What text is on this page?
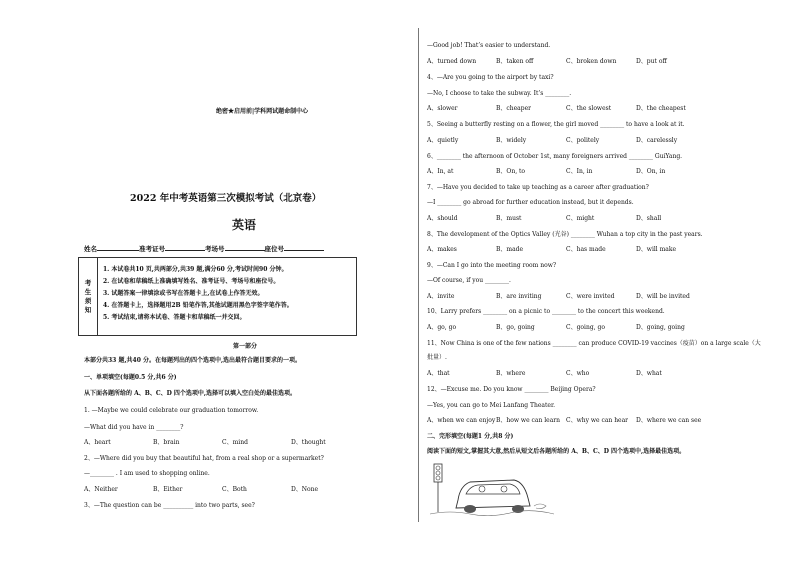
绝密★启用前|学科网试题命制中心
2022 年中考英语第三次模拟考试（北京卷）
英语
姓名	准考证号	考场号	座位号
考
生
须
知
1. 本试卷共10 页,共两部分,共39 题,满分60 分,考试时间90 分钟。
2. 在试卷和草稿纸上准确填写姓名、准考证号、考场号和座位号。
3. 试题答案一律填涂或书写在答题卡上,在试卷上作答无效。
4. 在答题卡上，选择题用2B 铅笔作答,其他试题用黑色字签字笔作答。
5. 考试结束,请将本试卷、答题卡和草稿纸一并交回。
第一部分
本部分共33 题,共40 分。在每题列出的四个选项中,选出最符合题目要求的一项。
一、单项填空(每题0.5 分,共6 分)
从下面各题所给的 A、B、C、D 四个选项中,选择可以填入空白处的最佳选项。
1. —Maybe we could celebrate our graduation tomorrow.
—What did you have in ________?
A、heart	B、brain	C、mind	D、thought
2、—Where did you buy that beautiful hat, from a real shop or a supermarket?
—________ . I am used to shopping online.
A、Neither	B、Either	C、Both	D、None
3、—The question can be __________ into two parts, see?
—Good job! That’s easier to understand.
A、turned down	B、taken off	C、broken down	D、put off
4、—Are you going to the airport by taxi?
—No, I choose to take the subway. It’s ________.
A、slower	B、cheaper	C、the slowest	D、the cheapest
5、Seeing a butterfly resting on a flower, the girl moved ________ to have a look at it.
A、quietly	B、widely	C、politely	D、carelessly
6、________ the afternoon of October 1st, many foreigners arrived ________ GuiYang.
A、In, at	B、On, to	C、In, in	D、On, in
7、—Have you decided to take up teaching as a career after graduation?
—I ________ go abroad for further education instead, but it depends.
A、should	B、must	C、might	D、shall
8、The development of the Optics Valley (光谷) ________ Wuhan a top city in the past years.
A、makes	B、made	C、has made	D、will make
9、—Can I go into the meeting room now?
—Of course, if you ________.
A、invite	B、are inviting	C、were invited	D、will be invited
10、Larry prefers ________ on a picnic to ________ to the concert this weekend.
A、go, go	B、go, going	C、going, go	D、going, going
11、Now China is one of the few nations ________ can produce COVID-19 vaccines（疫苗）on a large scale（大
批量）.
A、that	B、where	C、who	D、what
12、—Excuse me. Do you know ________ Beijing Opera?
—Yes, you can go to Mei Lanfang Theater.
A、when we can enjoy B、how we can learn C、why we can hear D、where we can see
二、完形填空(每题1 分,共8 分)
阅读下面的短文,掌握其大意,然后从短文后各题所给的 A、B、C、D 四个选项中,选择最佳选项。
